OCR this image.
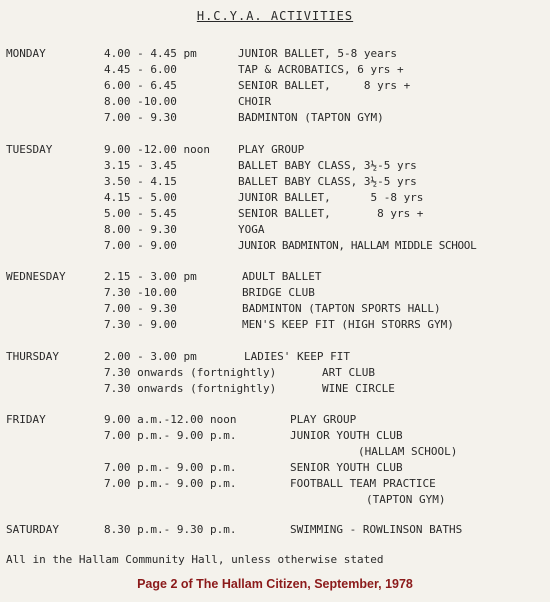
H.C.Y.A. ACTIVITIES
MONDAY	4.00 - 4.45 pm	JUNIOR BALLET, 5-8 years
4.45 - 6.00	TAP & ACROBATICS, 6 yrs +
6.00 - 6.45	SENIOR BALLET,     8 yrs +
8.00 -10.00	CHOIR
7.00 - 9.30	BADMINTON (TAPTON GYM)
TUESDAY	9.00 -12.00 noon	PLAY GROUP
3.15 - 3.45	BALLET BABY CLASS, 3½-5 yrs
3.50 - 4.15	BALLET BABY CLASS, 3½-5 yrs
4.15 - 5.00	JUNIOR BALLET,      5 -8 yrs
5.00 - 5.45	SENIOR BALLET,       8 yrs +
8.00 - 9.30	YOGA
7.00 - 9.00	JUNIOR BADMINTON, HALLAM MIDDLE SCHOOL
WEDNESDAY	2.15 - 3.00 pm	ADULT BALLET
7.30 -10.00	BRIDGE CLUB
7.00 - 9.30	BADMINTON (TAPTON SPORTS HALL)
7.30 - 9.00	MEN'S KEEP FIT (HIGH STORRS GYM)
THURSDAY	2.00 - 3.00 pm	LADIES' KEEP FIT
7.30 onwards (fortnightly)	ART CLUB
7.30 onwards (fortnightly)	WINE CIRCLE
FRIDAY	9.00 a.m.-12.00 noon	PLAY GROUP
7.00 p.m.- 9.00 p.m.	JUNIOR YOUTH CLUB
(HALLAM SCHOOL)
7.00 p.m.- 9.00 p.m.	SENIOR YOUTH CLUB
7.00 p.m.- 9.00 p.m.	FOOTBALL TEAM PRACTICE
(TAPTON GYM)
SATURDAY	8.30 p.m.- 9.30 p.m.	SWIMMING - ROWLINSON BATHS
All in the Hallam Community Hall, unless otherwise stated
Page 2 of The Hallam Citizen, September, 1978
